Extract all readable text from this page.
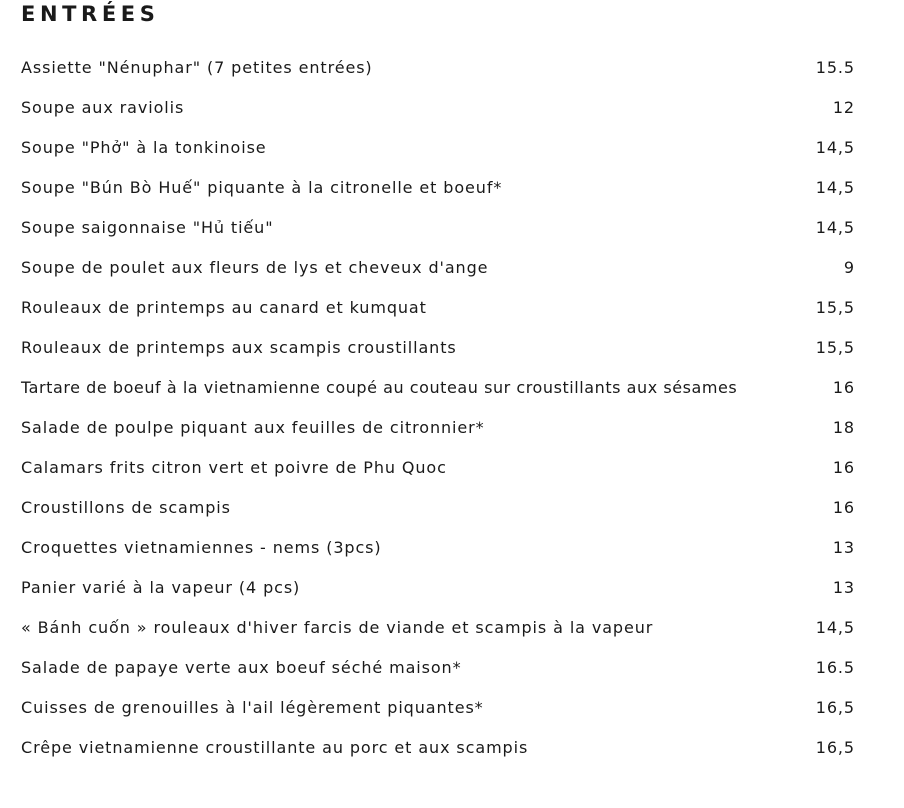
ENTRÉES
Assiette "Nénuphar" (7 petites entrées)	15.5
Soupe aux raviolis	12
Soupe "Phở" à la tonkinoise	14,5
Soupe "Bún Bò Huế" piquante à la citronelle et boeuf*	14,5
Soupe saigonnaise "Hủ tiếu"	14,5
Soupe de poulet aux fleurs de lys et cheveux d'ange	9
Rouleaux de printemps au canard et kumquat	15,5
Rouleaux de printemps aux scampis croustillants	15,5
Tartare de boeuf à la vietnamienne coupé au couteau sur croustillants aux sésames	16
Salade de poulpe piquant aux feuilles de citronnier*	18
Calamars frits citron vert et poivre de Phu Quoc	16
Croustillons de scampis	16
Croquettes vietnamiennes - nems (3pcs)	13
Panier varié à la vapeur (4 pcs)	13
« Bánh cuốn » rouleaux d'hiver farcis de viande et scampis à la vapeur	14,5
Salade de papaye verte aux boeuf séché maison*	16.5
Cuisses de grenouilles à l'ail légèrement piquantes*	16,5
Crêpe vietnamienne croustillante au porc et aux scampis	16,5
